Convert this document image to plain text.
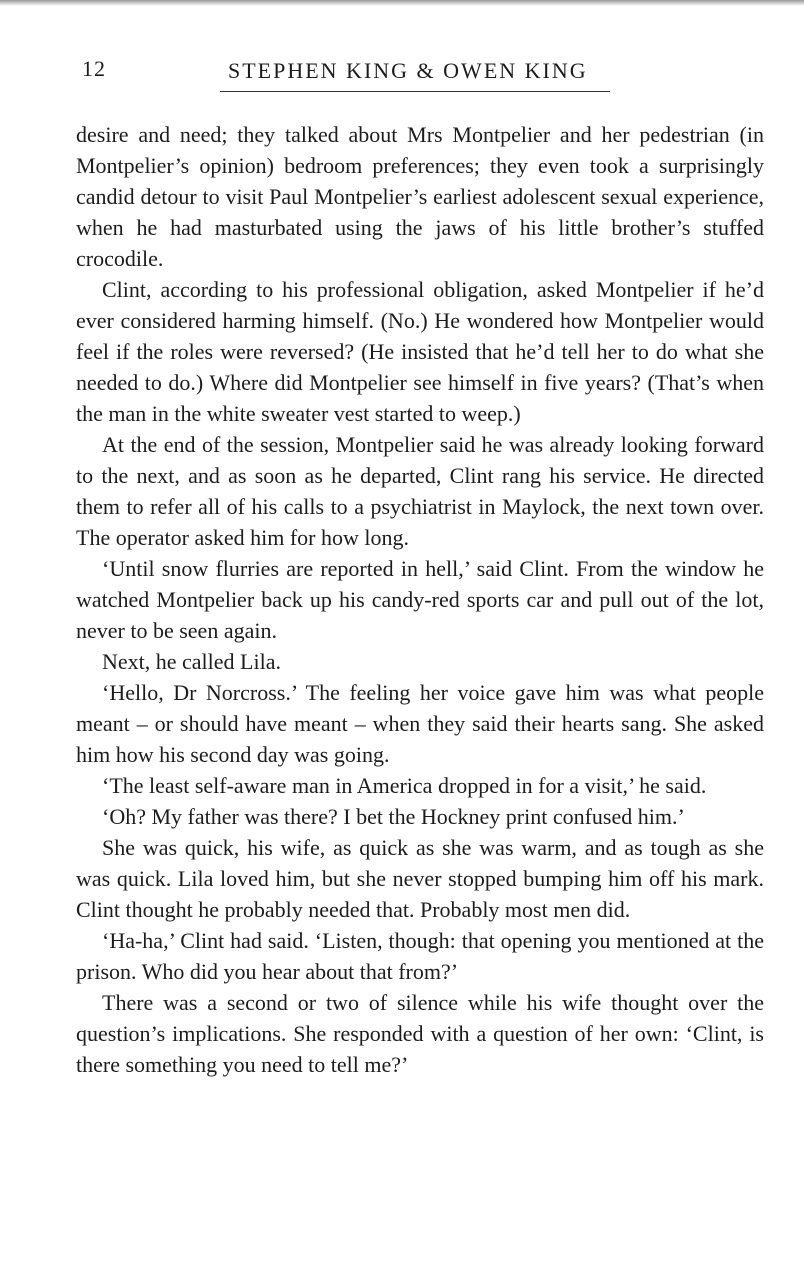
12	STEPHEN KING & OWEN KING

desire and need; they talked about Mrs Montpelier and her pedestrian (in Montpelier’s opinion) bedroom preferences; they even took a surprisingly candid detour to visit Paul Montpelier’s earliest adolescent sexual experience, when he had masturbated using the jaws of his little brother’s stuffed crocodile.

Clint, according to his professional obligation, asked Montpelier if he’d ever considered harming himself. (No.) He wondered how Montpelier would feel if the roles were reversed? (He insisted that he’d tell her to do what she needed to do.) Where did Montpelier see himself in five years? (That’s when the man in the white sweater vest started to weep.)

At the end of the session, Montpelier said he was already looking forward to the next, and as soon as he departed, Clint rang his service. He directed them to refer all of his calls to a psychiatrist in Maylock, the next town over. The operator asked him for how long.

‘Until snow flurries are reported in hell,’ said Clint. From the window he watched Montpelier back up his candy-red sports car and pull out of the lot, never to be seen again.

Next, he called Lila.

‘Hello, Dr Norcross.’ The feeling her voice gave him was what people meant – or should have meant – when they said their hearts sang. She asked him how his second day was going.

‘The least self-aware man in America dropped in for a visit,’ he said.

‘Oh? My father was there? I bet the Hockney print confused him.’

She was quick, his wife, as quick as she was warm, and as tough as she was quick. Lila loved him, but she never stopped bumping him off his mark. Clint thought he probably needed that. Probably most men did.

‘Ha-ha,’ Clint had said. ‘Listen, though: that opening you mentioned at the prison. Who did you hear about that from?’

There was a second or two of silence while his wife thought over the question’s implications. She responded with a question of her own: ‘Clint, is there something you need to tell me?’
